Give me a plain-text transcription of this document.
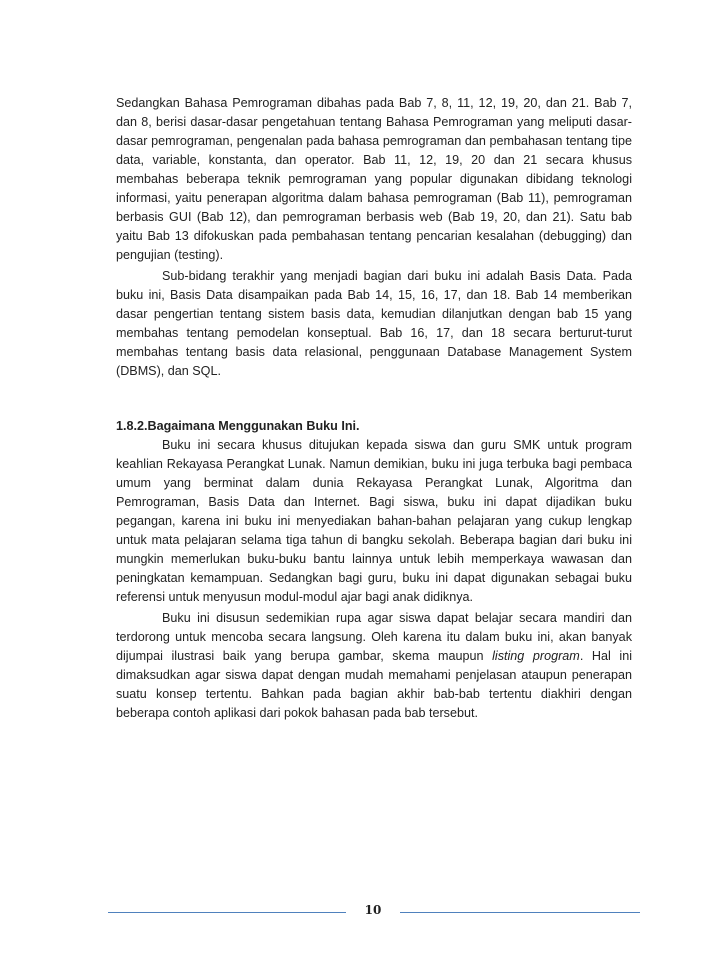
Sedangkan Bahasa Pemrograman dibahas pada Bab 7, 8, 11, 12, 19, 20, dan 21. Bab 7, dan 8, berisi dasar-dasar pengetahuan tentang Bahasa Pemrograman yang meliputi dasar-dasar pemrograman, pengenalan pada bahasa pemrograman dan pembahasan tentang tipe data, variable, konstanta, dan operator. Bab 11, 12, 19, 20 dan 21 secara khusus membahas beberapa teknik pemrograman yang popular digunakan dibidang teknologi informasi, yaitu penerapan algoritma dalam bahasa pemrograman (Bab 11), pemrograman berbasis GUI (Bab 12), dan pemrograman berbasis web (Bab 19, 20, dan 21). Satu bab yaitu Bab 13 difokuskan pada pembahasan tentang pencarian kesalahan (debugging) dan pengujian (testing).

Sub-bidang terakhir yang menjadi bagian dari buku ini adalah Basis Data. Pada buku ini, Basis Data disampaikan pada Bab 14, 15, 16, 17, dan 18. Bab 14 memberikan dasar pengertian tentang sistem basis data, kemudian dilanjutkan dengan bab 15 yang membahas tentang pemodelan konseptual. Bab 16, 17, dan 18 secara berturut-turut membahas tentang basis data relasional, penggunaan Database Management System (DBMS), dan SQL.

1.8.2.Bagaimana Menggunakan Buku Ini.

Buku ini secara khusus ditujukan kepada siswa dan guru SMK untuk program keahlian Rekayasa Perangkat Lunak. Namun demikian, buku ini juga terbuka bagi pembaca umum yang berminat dalam dunia Rekayasa Perangkat Lunak, Algoritma dan Pemrograman, Basis Data dan Internet. Bagi siswa, buku ini dapat dijadikan buku pegangan, karena ini buku ini menyediakan bahan-bahan pelajaran yang cukup lengkap untuk mata pelajaran selama tiga tahun di bangku sekolah. Beberapa bagian dari buku ini mungkin memerlukan buku-buku bantu lainnya untuk lebih memperkaya wawasan dan peningkatan kemampuan. Sedangkan bagi guru, buku ini dapat digunakan sebagai buku referensi untuk menyusun modul-modul ajar bagi anak didiknya.

Buku ini disusun sedemikian rupa agar siswa dapat belajar secara mandiri dan terdorong untuk mencoba secara langsung. Oleh karena itu dalam buku ini, akan banyak dijumpai ilustrasi baik yang berupa gambar, skema maupun listing program. Hal ini dimaksudkan agar siswa dapat dengan mudah memahami penjelasan ataupun penerapan suatu konsep tertentu. Bahkan pada bagian akhir bab-bab tertentu diakhiri dengan beberapa contoh aplikasi dari pokok bahasan pada bab tersebut.

10
